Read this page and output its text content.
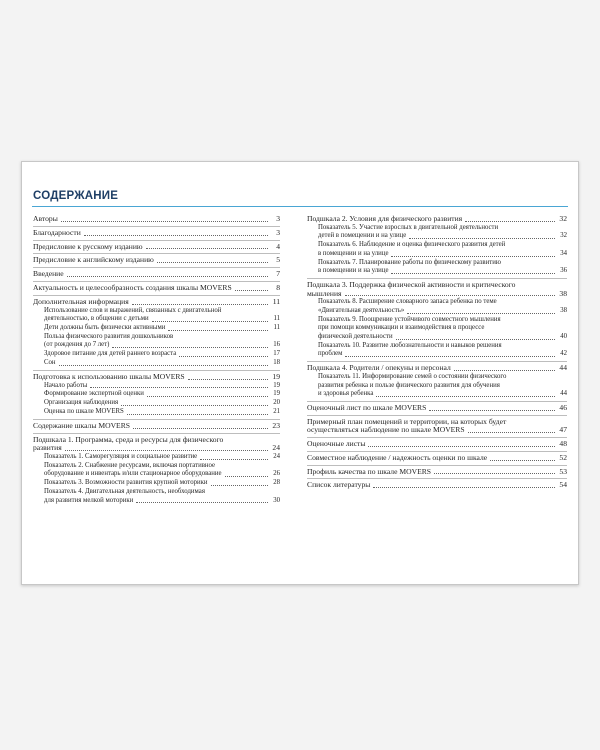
СОДЕРЖАНИЕ
Авторы	3
Благодарности	3
Предисловие к русскому изданию	4
Предисловие к английскому изданию	5
Введение	7
Актуальность и целесообразность создания шкалы MOVERS	8
Дополнительная информация	11
Использование слов и выражений, связанных с двигательной
деятельностью, в общении с детьми	11
Дети должны быть физически активными	11
Польза физического развития дошкольников
(от рождения до 7 лет)	16
Здоровое питание для детей раннего возраста	17
Сон	18
Подготовка к использованию шкалы MOVERS	19
Начало работы	19
Формирование экспертной оценки	19
Организация наблюдения	20
Оценка по шкале MOVERS	21
Содержание шкалы MOVERS	23
Подшкала 1. Программа, среда и ресурсы для физического
развития	24
Показатель 1. Саморегуляция и социальное развитие	24
Показатель 2. Снабжение ресурсами, включая портативное
оборудование и инвентарь и/или стационарное оборудование	26
Показатель 3. Возможности развития крупной моторики	28
Показатель 4. Двигательная деятельность, необходимая
для развития мелкой моторики	30
Подшкала 2. Условия для физического развития	32
Показатель 5. Участие взрослых в двигательной деятельности
детей в помещении и на улице	32
Показатель 6. Наблюдение и оценка физического развития детей
в помещении и на улице	34
Показатель 7. Планирование работы по физическому развитию
в помещении и на улице	36
Подшкала 3. Поддержка физической активности и критического
мышления	38
Показатель 8. Расширение словарного запаса ребенка по теме
«Двигательная деятельность»	38
Показатель 9. Поощрение устойчивого совместного мышления
при помощи коммуникации и взаимодействия в процессе
физической деятельности	40
Показатель 10. Развитие любознательности и навыков решения
проблем	42
Подшкала 4. Родители / опекуны и персонал	44
Показатель 11. Информирование семей о состоянии физического
развития ребенка и пользе физического развития для обучения
и здоровья ребенка	44
Оценочный лист по шкале MOVERS	46
Примерный план помещений и территории, на которых будет
осуществляться наблюдение по шкале MOVERS	47
Оценочные листы	48
Совместное наблюдение / надежность оценки по шкале	52
Профиль качества по шкале MOVERS	53
Список литературы	54
